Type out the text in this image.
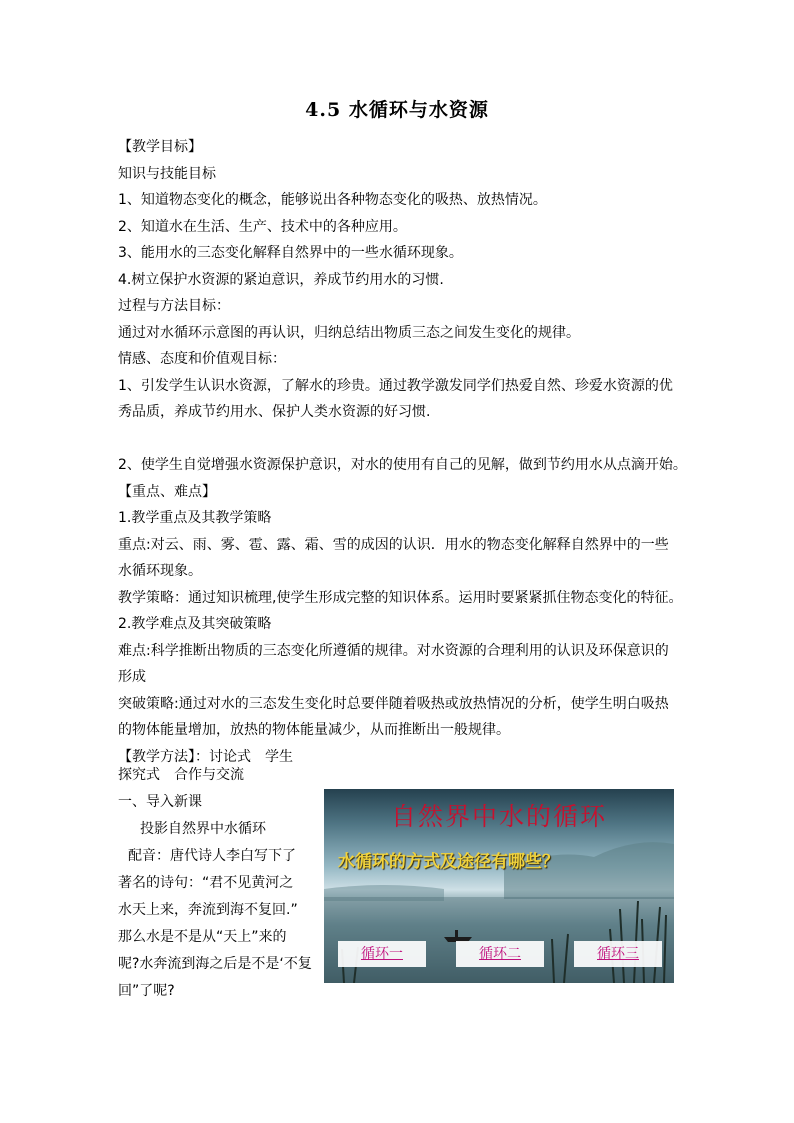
4.5 水循环与水资源
【教学目标】
知识与技能目标
1、知道物态变化的概念，能够说出各种物态变化的吸热、放热情况。
2、知道水在生活、生产、技术中的各种应用。
3、能用水的三态变化解释自然界中的一些水循环现象。
4.树立保护水资源的紧迫意识，养成节约用水的习惯.
过程与方法目标：
通过对水循环示意图的再认识，归纳总结出物质三态之间发生变化的规律。
情感、态度和价值观目标：
1、引发学生认识水资源，了解水的珍贵。通过教学激发同学们热爱自然、珍爱水资源的优
秀品质，养成节约用水、保护人类水资源的好习惯.
2、使学生自觉增强水资源保护意识，对水的使用有自己的见解，做到节约用水从点滴开始。
【重点、难点】
1.教学重点及其教学策略
重点:对云、雨、雾、雹、露、霜、雪的成因的认识．用水的物态变化解释自然界中的一些
水循环现象。
教学策略：通过知识梳理,使学生形成完整的知识体系。运用时要紧紧抓住物态变化的特征。
2.教学难点及其突破策略
难点:科学推断出物质的三态变化所遵循的规律。对水资源的合理利用的认识及环保意识的
形成
突破策略:通过对水的三态发生变化时总要伴随着吸热或放热情况的分析，使学生明白吸热
的物体能量增加，放热的物体能量减少，从而推断出一般规律。
【教学方法】：讨论式　学生
探究式　合作与交流
一、导入新课
投影自然界中水循环
配音：唐代诗人李白写下了
著名的诗句：“君不见黄河之
水天上来，奔流到海不复回.”
那么水是不是从“天上”来的
呢?水奔流到海之后是不是‘不复
回”了呢?
自然界中水的循环
水循环的方式及途径有哪些？
循环一	循环二	循环三
